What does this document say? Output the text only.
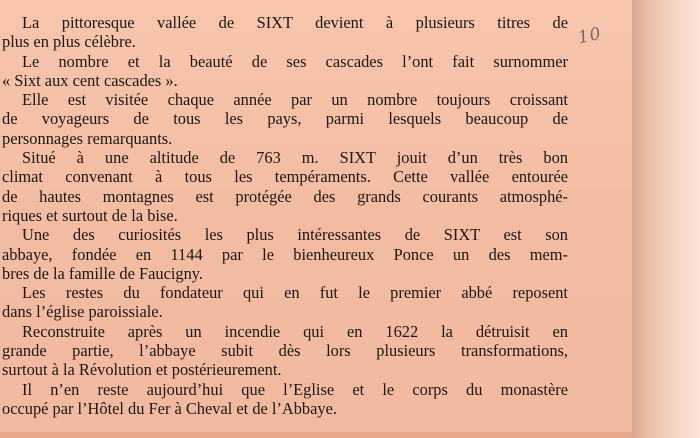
La pittoresque vallée de SIXT devient à plusieurs titres de
plus en plus célèbre.

Le nombre et la beauté de ses cascades l’ont fait surnommer
« Sixt aux cent cascades ».

Elle est visitée chaque année par un nombre toujours croissant
de voyageurs de tous les pays, parmi lesquels beaucoup de
personnages remarquants.

Situé à une altitude de 763 m. SIXT jouit d’un très bon
climat convenant à tous les tempéraments. Cette vallée entourée
de hautes montagnes est protégée des grands courants atmosphé-
riques et surtout de la bise.

Une des curiosités les plus intéressantes de SIXT est son
abbaye, fondée en 1144 par le bienheureux Ponce un des mem-
bres de la famille de Faucigny.

Les restes du fondateur qui en fut le premier abbé reposent
dans l’église paroissiale.

Reconstruite après un incendie qui en 1622 la détruisit en
grande partie, l’abbaye subit dès lors plusieurs transformations,
surtout à la Révolution et postérieurement.

Il n’en reste aujourd’hui que l’Eglise et le corps du monastère
occupé par l’Hôtel du Fer à Cheval et de l’Abbaye.

10
